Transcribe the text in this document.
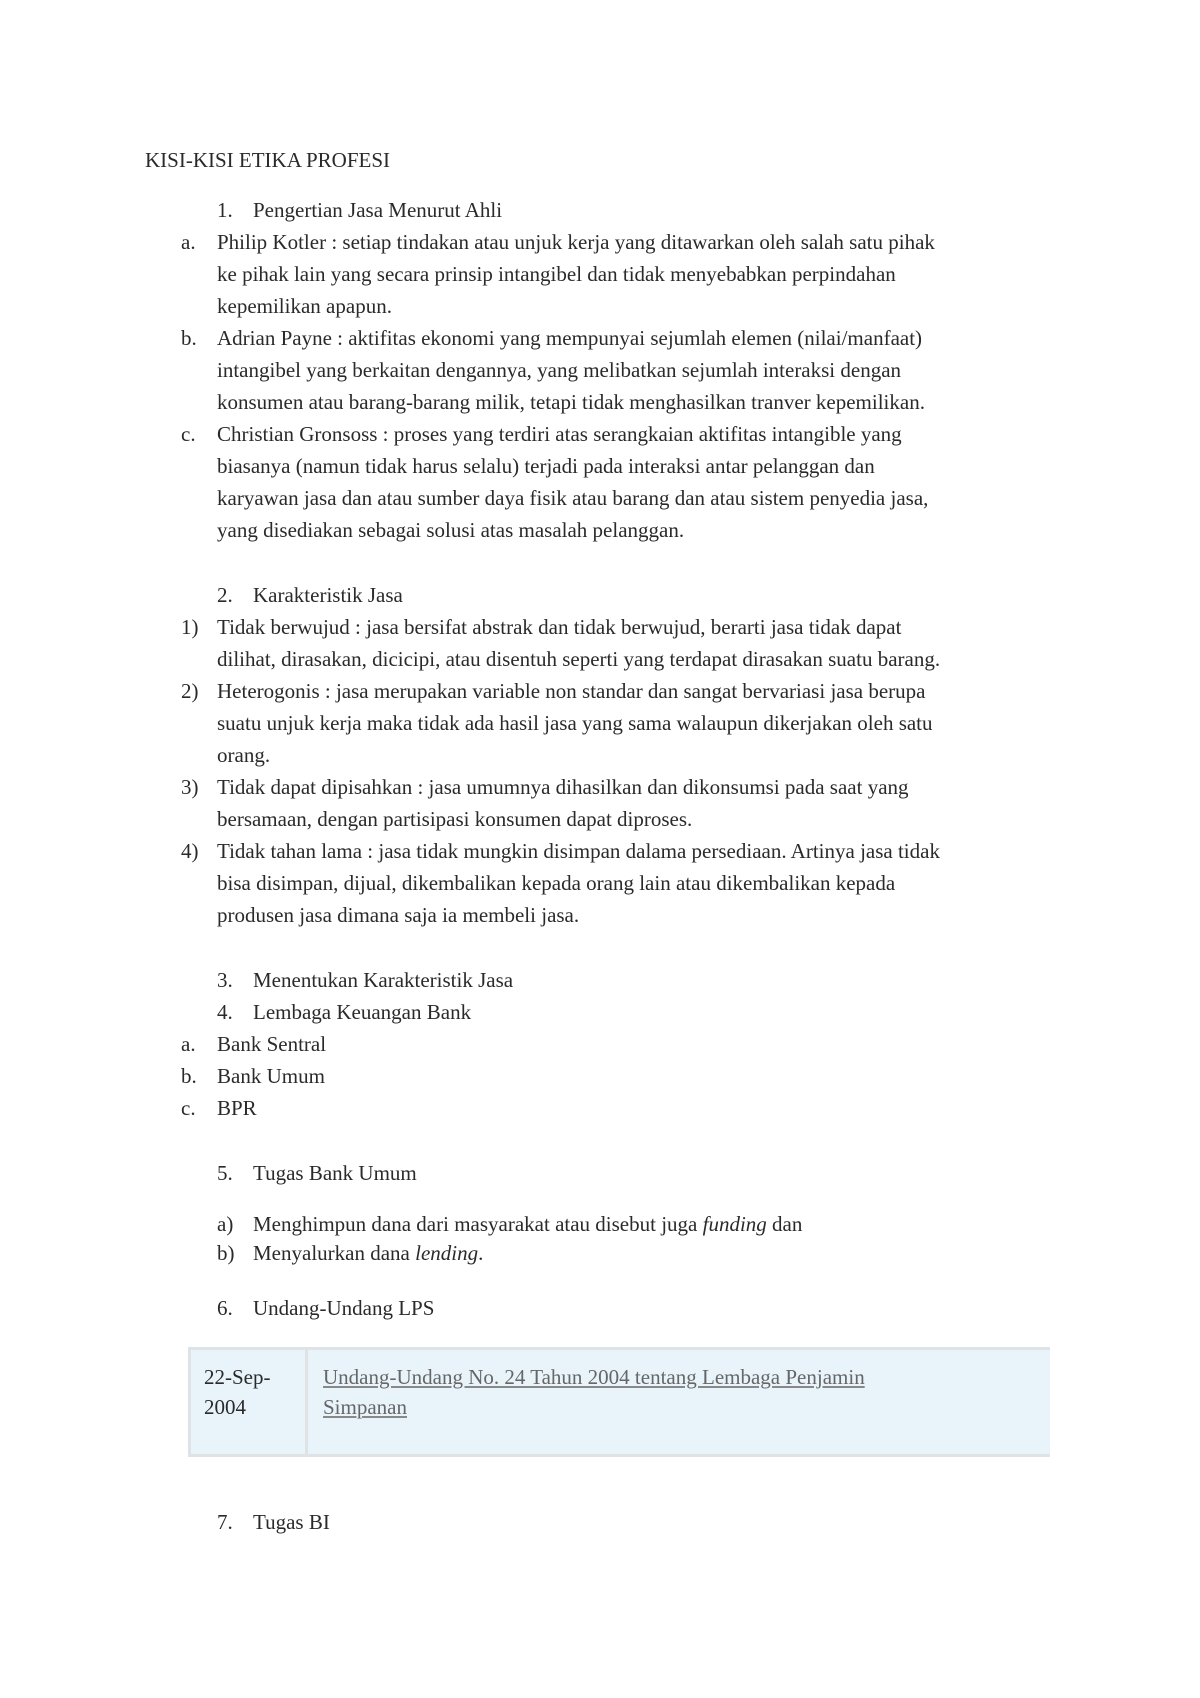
KISI-KISI ETIKA PROFESI
1. Pengertian Jasa Menurut Ahli
a. Philip Kotler : setiap tindakan atau unjuk kerja yang ditawarkan oleh salah satu pihak
ke pihak lain yang secara prinsip intangibel dan tidak menyebabkan perpindahan
kepemilikan apapun.
b. Adrian Payne : aktifitas ekonomi yang mempunyai sejumlah elemen (nilai/manfaat)
intangibel yang berkaitan dengannya, yang melibatkan sejumlah interaksi dengan
konsumen atau barang-barang milik, tetapi tidak menghasilkan tranver kepemilikan.
c. Christian Gronsoss : proses yang terdiri atas serangkaian aktifitas intangible yang
biasanya (namun tidak harus selalu) terjadi pada interaksi antar pelanggan dan
karyawan jasa dan atau sumber daya fisik atau barang dan atau sistem penyedia jasa,
yang disediakan sebagai solusi atas masalah pelanggan.
2. Karakteristik Jasa
1) Tidak berwujud : jasa bersifat abstrak dan tidak berwujud, berarti jasa tidak dapat
dilihat, dirasakan, dicicipi, atau disentuh seperti yang terdapat dirasakan suatu barang.
2) Heterogonis : jasa merupakan variable non standar dan sangat bervariasi jasa berupa
suatu unjuk kerja maka tidak ada hasil jasa yang sama walaupun dikerjakan oleh satu
orang.
3) Tidak dapat dipisahkan : jasa umumnya dihasilkan dan dikonsumsi pada saat yang
bersamaan, dengan partisipasi konsumen dapat diproses.
4) Tidak tahan lama : jasa tidak mungkin disimpan dalama persediaan. Artinya jasa tidak
bisa disimpan, dijual, dikembalikan kepada orang lain atau dikembalikan kepada
produsen jasa dimana saja ia membeli jasa.
3. Menentukan Karakteristik Jasa
4. Lembaga Keuangan Bank
a. Bank Sentral
b. Bank Umum
c. BPR
5. Tugas Bank Umum
a) Menghimpun dana dari masyarakat atau disebut juga funding dan
b) Menyalurkan dana lending.
6. Undang-Undang LPS
22-Sep-
2004
Undang-Undang No. 24 Tahun 2004 tentang Lembaga Penjamin
Simpanan
7. Tugas BI
